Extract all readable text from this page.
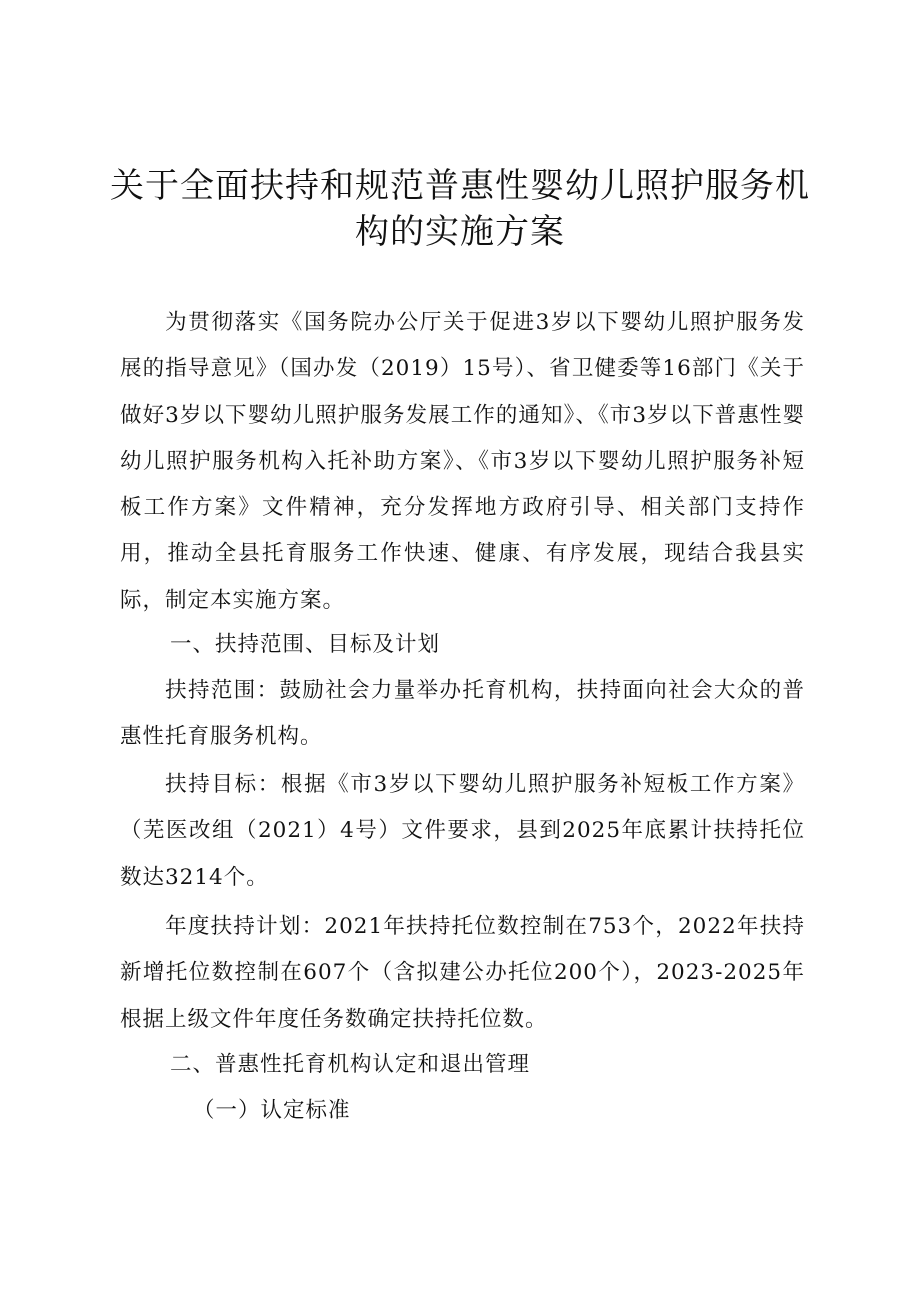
关于全面扶持和规范普惠性婴幼儿照护服务机
构的实施方案

为贯彻落实《国务院办公厅关于促进3岁以下婴幼儿照护服务发展的指导意见》（国办发（2019）15号）、省卫健委等16部门《关于做好3岁以下婴幼儿照护服务发展工作的通知》、《市3岁以下普惠性婴幼儿照护服务机构入托补助方案》、《市3岁以下婴幼儿照护服务补短板工作方案》文件精神，充分发挥地方政府引导、相关部门支持作用，推动全县托育服务工作快速、健康、有序发展，现结合我县实际，制定本实施方案。

一、扶持范围、目标及计划

扶持范围：鼓励社会力量举办托育机构，扶持面向社会大众的普惠性托育服务机构。

扶持目标：根据《市3岁以下婴幼儿照护服务补短板工作方案》（芜医改组（2021）4号）文件要求，县到2025年底累计扶持托位数达3214个。

年度扶持计划：2021年扶持托位数控制在753个，2022年扶持新增托位数控制在607个（含拟建公办托位200个），2023-2025年根据上级文件年度任务数确定扶持托位数。

二、普惠性托育机构认定和退出管理

（一）认定标准
